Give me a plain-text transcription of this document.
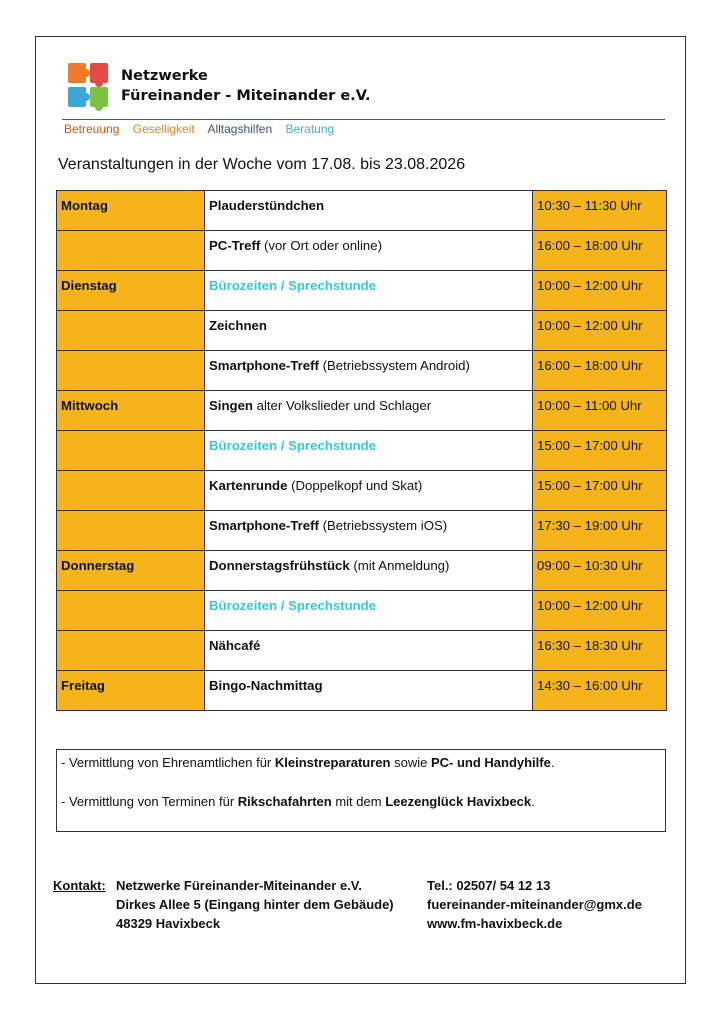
Netzwerke
Füreinander - Miteinander e.V.
Betreuung Geselligkeit Alltagshilfen Beratung
Veranstaltungen in der Woche vom 17.08. bis 23.08.2026
Montag	Plauderstündchen	10:30 – 11:30 Uhr

	PC-Treff (vor Ort oder online)	16:00 – 18:00 Uhr

Dienstag	Bürozeiten / Sprechstunde	10:00 – 12:00 Uhr

	Zeichnen	10:00 – 12:00 Uhr

	Smartphone-Treff (Betriebssystem Android)	16:00 – 18:00 Uhr

Mittwoch	Singen alter Volkslieder und Schlager	10:00 – 11:00 Uhr

	Bürozeiten / Sprechstunde	15:00 – 17:00 Uhr

	Kartenrunde (Doppelkopf und Skat)	15:00 – 17:00 Uhr

	Smartphone-Treff (Betriebssystem iOS)	17:30 – 19:00 Uhr

Donnerstag	Donnerstagsfrühstück (mit Anmeldung)	09:00 – 10:30 Uhr

	Bürozeiten / Sprechstunde	10:00 – 12:00 Uhr

	Nähcafé	16:30 – 18:30 Uhr

Freitag	Bingo-Nachmittag	14:30 – 16:00 Uhr
- Vermittlung von Ehrenamtlichen für Kleinstreparaturen sowie PC- und Handyhilfe.
- Vermittlung von Terminen für Rikschafahrten mit dem Leezenglück Havixbeck.
Kontakt: Netzwerke Füreinander-Miteinander e.V.
Dirkes Allee 5 (Eingang hinter dem Gebäude)
48329 Havixbeck
Tel.: 02507/ 54 12 13
fuereinander-miteinander@gmx.de
www.fm-havixbeck.de
